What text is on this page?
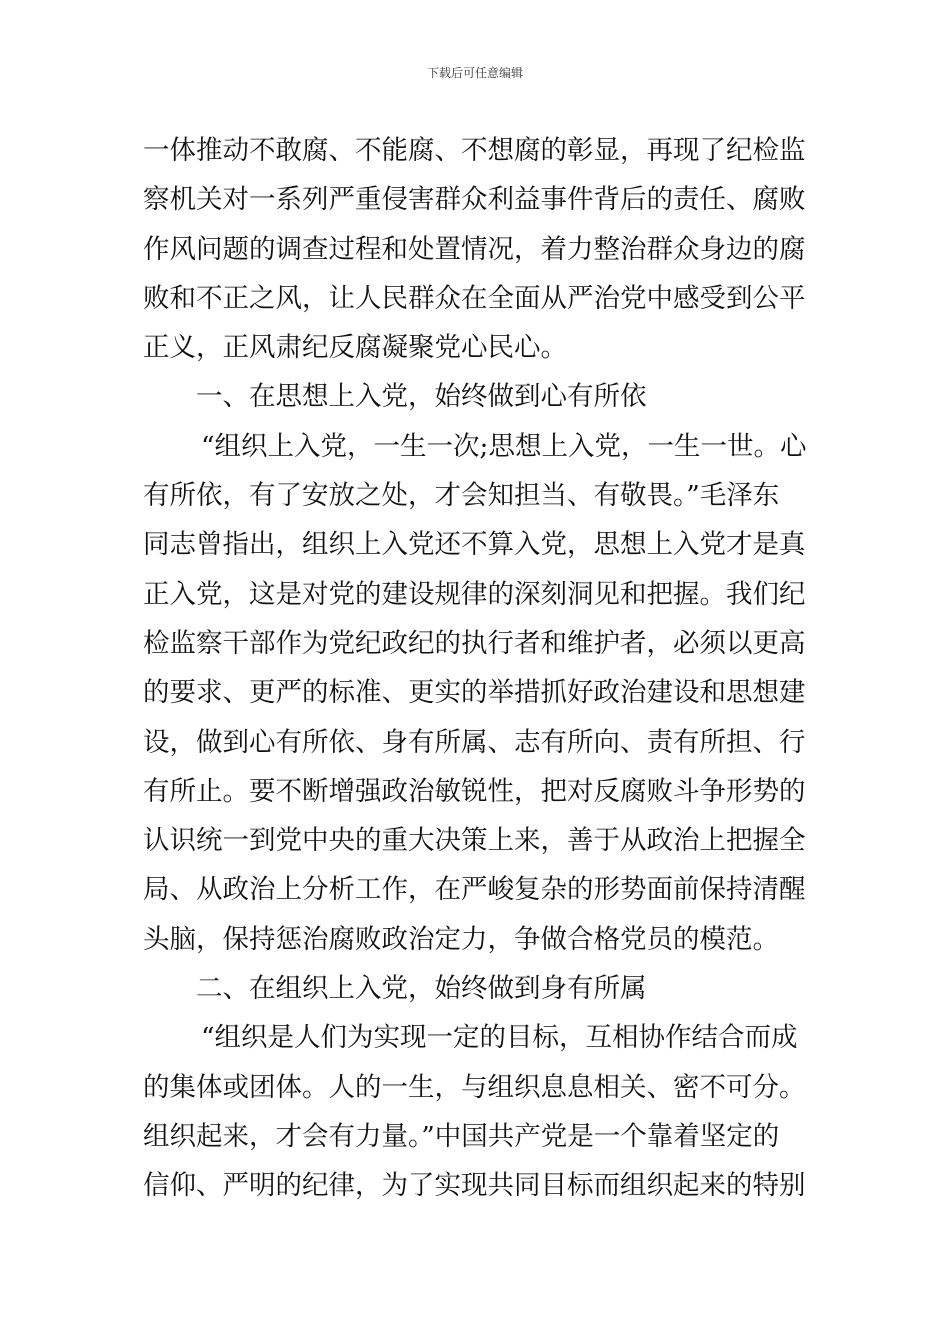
下载后可任意编辑
一体推动不敢腐、不能腐、不想腐的彰显，再现了纪检监
察机关对一系列严重侵害群众利益事件背后的责任、腐败
作风问题的调查过程和处置情况，着力整治群众身边的腐
败和不正之风，让人民群众在全面从严治党中感受到公平
正义，正风肃纪反腐凝聚党心民心。
一、在思想上入党，始终做到心有所依
“组织上入党，一生一次;思想上入党，一生一世。心
有所依，有了安放之处，才会知担当、有敬畏。”毛泽东
同志曾指出，组织上入党还不算入党，思想上入党才是真
正入党，这是对党的建设规律的深刻洞见和把握。我们纪
检监察干部作为党纪政纪的执行者和维护者，必须以更高
的要求、更严的标准、更实的举措抓好政治建设和思想建
设，做到心有所依、身有所属、志有所向、责有所担、行
有所止。要不断增强政治敏锐性，把对反腐败斗争形势的
认识统一到党中央的重大决策上来，善于从政治上把握全
局、从政治上分析工作，在严峻复杂的形势面前保持清醒
头脑，保持惩治腐败政治定力，争做合格党员的模范。
二、在组织上入党，始终做到身有所属
“组织是人们为实现一定的目标，互相协作结合而成
的集体或团体。人的一生，与组织息息相关、密不可分。
组织起来，才会有力量。”中国共产党是一个靠着坚定的
信仰、严明的纪律，为了实现共同目标而组织起来的特别
